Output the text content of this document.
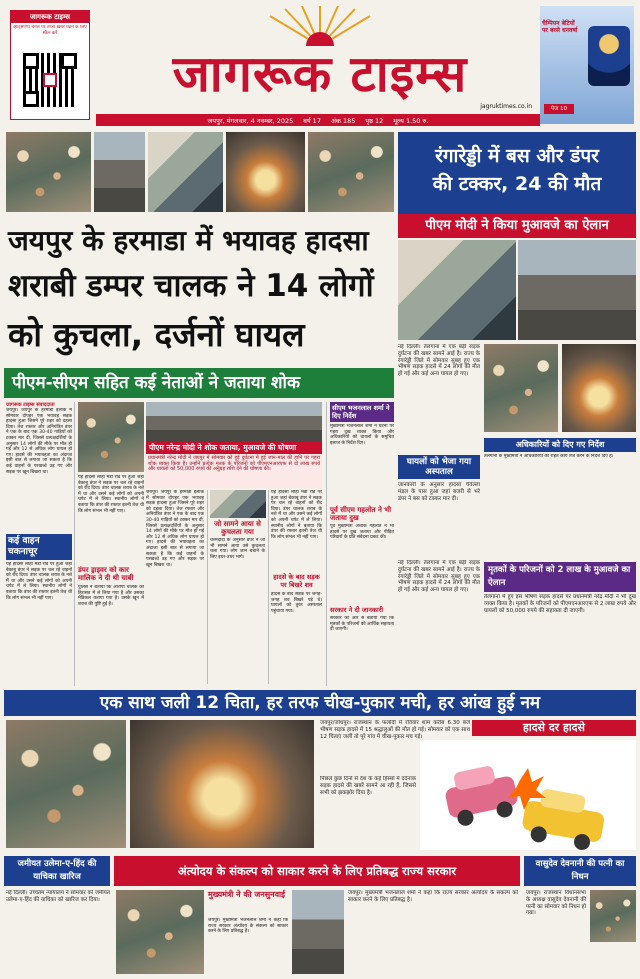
जागरूक टाइम्स
व्हाट्सएप्प चैनल पर ताजा खबरें पढ़ने के लिए स्कैन करें
जागरूक टाइम्स
jagruktimes.co.in
चैम्पियन बेटियों पर बरसे धनवर्षा
पेज 10
जयपुर, मंगलवार, 4 नवम्बर, 2025 वर्ष 17 अंक 185 पृष्ठ 12 मूल्य 1.50 रु.
जयपुर के हरमाडा में भयावह हादसा
शराबी डम्पर चालक ने 14 लोगों
को कुचला, दर्जनों घायल
पीएम-सीएम सहित कई नेताओं ने जताया शोक
जागरूक टाइम्स संवाददाता
जयपुर। जयपुर के हरमाडा इलाके में सोमवार दोपहर एक भयावह सड़क हादसा हुआ जिसने पूरे शहर को दहला दिया। तेज रफ्तार और अनियंत्रित डंपर ने एक के बाद एक 30-40 गाड़ियों को टक्कर मार दी, जिससे प्रत्यक्षदर्शियों के अनुसार 14 लोगों की मौके पर मौत हो गई और 12 से अधिक लोग घायल हो गए। हादसे की भयावहता का अंदाजा इसी बात से लगाया जा सकता है कि कई वाहनों के परखच्चे उड़ गए और सड़क पर खून बिखरा था।
कई वाहन चकनाचूर
यह हादसा लोहा मंडी रोड पर हुआ जहां बेकाबू डंपर ने सड़क पर चल रहे वाहनों को रौंद दिया। डंपर चालक शराब के नशे में था और उसने कई लोगों को अपनी चपेट में ले लिया। स्थानीय लोगों ने बताया कि डंपर की रफ्तार इतनी तेज थी कि लोग संभल भी नहीं पाए।
यह हादसा लोहा मंडी रोड पर हुआ जहां बेकाबू डंपर ने सड़क पर चल रहे वाहनों को रौंद दिया। डंपर चालक शराब के नशे में था और उसने कई लोगों को अपनी चपेट में ले लिया। स्थानीय लोगों ने बताया कि डंपर की रफ्तार इतनी तेज थी कि लोग संभल भी नहीं पाए।
डंपर ड्राइवर को कार मालिक ने दी थी चाबी
पुलिस ने बताया कि आरोपी चालक को हिरासत में ले लिया गया है और उसका मेडिकल कराया गया है। उसके खून में शराब की पुष्टि हुई है।
पीएम नरेन्द्र मोदी ने शोक जताया, मुआवजे की घोषणा
प्रधानमंत्री नरेन्द्र मोदी ने जयपुर में सोमवार को हुई दुर्घटना में हुई जान-माल की हानि पर गहरा शोक व्यक्त किया है। उन्होंने प्रत्येक मृतक के परिजनों को पीएमएनआरएफ से दो लाख रुपये और घायलों को 50,000 रुपये की अनुग्रह राशि देने की घोषणा की।
जयपुर। जयपुर के हरमाडा इलाके में सोमवार दोपहर एक भयावह सड़क हादसा हुआ जिसने पूरे शहर को दहला दिया। तेज रफ्तार और अनियंत्रित डंपर ने एक के बाद एक 30-40 गाड़ियों को टक्कर मार दी, जिससे प्रत्यक्षदर्शियों के अनुसार 14 लोगों की मौके पर मौत हो गई और 12 से अधिक लोग घायल हो गए। हादसे की भयावहता का अंदाजा इसी बात से लगाया जा सकता है कि कई वाहनों के परखच्चे उड़ गए और सड़क पर खून बिखरा था।
जो सामने आया से कुचलता गया
चश्मदीदों के अनुसार डंपर ने जो भी सामने आया उसे कुचलता चला गया। लोग जान बचाने के लिए इधर-उधर भागे।
यह हादसा लोहा मंडी रोड पर हुआ जहां बेकाबू डंपर ने सड़क पर चल रहे वाहनों को रौंद दिया। डंपर चालक शराब के नशे में था और उसने कई लोगों को अपनी चपेट में ले लिया। स्थानीय लोगों ने बताया कि डंपर की रफ्तार इतनी तेज थी कि लोग संभल भी नहीं पाए।
हादसे के बाद सड़क पर बिखरे शव
हादसे के बाद सड़क पर जगह-जगह शव बिखरे पड़े थे। घायलों को तुरंत अस्पताल पहुंचाया गया।
सीएम भजनलाल शर्मा ने दिए निर्देश
मुख्यमंत्री भजनलाल शर्मा ने घटना पर गहरा दुख व्यक्त किया और अधिकारियों को घायलों के समुचित इलाज के निर्देश दिए।
पूर्व सीएम गहलोत ने भी जताया दुख
पूर्व मुख्यमंत्री अशोक गहलोत ने भी हादसे पर दुख जताया और पीड़ित परिवारों के प्रति संवेदना प्रकट की।
सरकार ने दी जानकारी
सरकार की ओर से बताया गया कि मृतकों के परिजनों को आर्थिक सहायता दी जाएगी।
रंगारेड्डी में बस और डंपर
की टक्कर, 24 की मौत
पीएम मोदी ने किया मुआवजे का ऐलान
नई दिल्ली। तेलंगाना में एक बड़ी सड़क दुर्घटना की खबर सामने आई है। राज्य के रंगारेड्डी जिले में सोमवार सुबह हुए एक भीषण सड़क हादसे में 24 लोगों की मौत हो गई और कई अन्य घायल हो गए।
घायलों को भेजा गया अस्पताल
जानकारी के अनुसार हादसा चेवेल्ला मंडल के पास हुआ जहां बजरी से भरे डंपर ने बस को टक्कर मार दी।
अधिकारियों को दिए गए निर्देश
तेलंगाना के मुख्यमंत्री ने अधिकारियों को राहत कार्य तेज करने के निर्देश दिए हैं।
मृतकों के परिजनों को 2 लाख के मुआवजे का ऐलान
तेलंगाना में हुए इस भीषण सड़क हादसे पर प्रधानमंत्री नरेंद्र मोदी ने भी दुख व्यक्त किया है। मृतकों के परिजनों को पीएमएनआरएफ से 2 लाख रुपये और घायलों को 50,000 रुपये की सहायता दी जाएगी।
नई दिल्ली। तेलंगाना में एक बड़ी सड़क दुर्घटना की खबर सामने आई है। राज्य के रंगारेड्डी जिले में सोमवार सुबह हुए एक भीषण सड़क हादसे में 24 लोगों की मौत हो गई और कई अन्य घायल हो गए।
एक साथ जली 12 चिता, हर तरफ चीख-पुकार मची, हर आंख हुई नम
जयपुर/जोधपुर। राजस्थान के फलोदी में रविवार शाम करीब 6.30 बजे भीषण सड़क हादसे में 15 श्रद्धालुओं की मौत हो गई। सोमवार को एक साथ 12 चिताएं जलीं तो पूरे गांव में चीख-पुकार मच गई।
हादसे दर हादसे
पिछले कुछ दिनों से देश के कई हिस्सों में दर्दनाक सड़क हादसे की खबरें सामने आ रही हैं, जिससे सभी को झकझोर दिया है।
जमीयत उलेमा-ए-हिंद की याचिका खारिज
नई दिल्ली। उच्चतम न्यायालय ने सोमवार को जमीयत उलेमा-ए-हिंद की याचिका को खारिज कर दिया।
अंत्योदय के संकल्प को साकार करने के लिए प्रतिबद्ध राज्य सरकार
मुख्यमंत्री ने की जनसुनवाई
जयपुर। मुख्यमंत्री भजनलाल शर्मा ने कहा कि राज्य सरकार अंत्योदय के संकल्प को साकार करने के लिए प्रतिबद्ध है।
जयपुर। मुख्यमंत्री भजनलाल शर्मा ने कहा कि राज्य सरकार अंत्योदय के संकल्प को साकार करने के लिए प्रतिबद्ध है।
वासुदेव देवनानी की पत्नी का निधन
जयपुर। राजस्थान विधानसभा के अध्यक्ष वासुदेव देवनानी की पत्नी का सोमवार को निधन हो गया।
